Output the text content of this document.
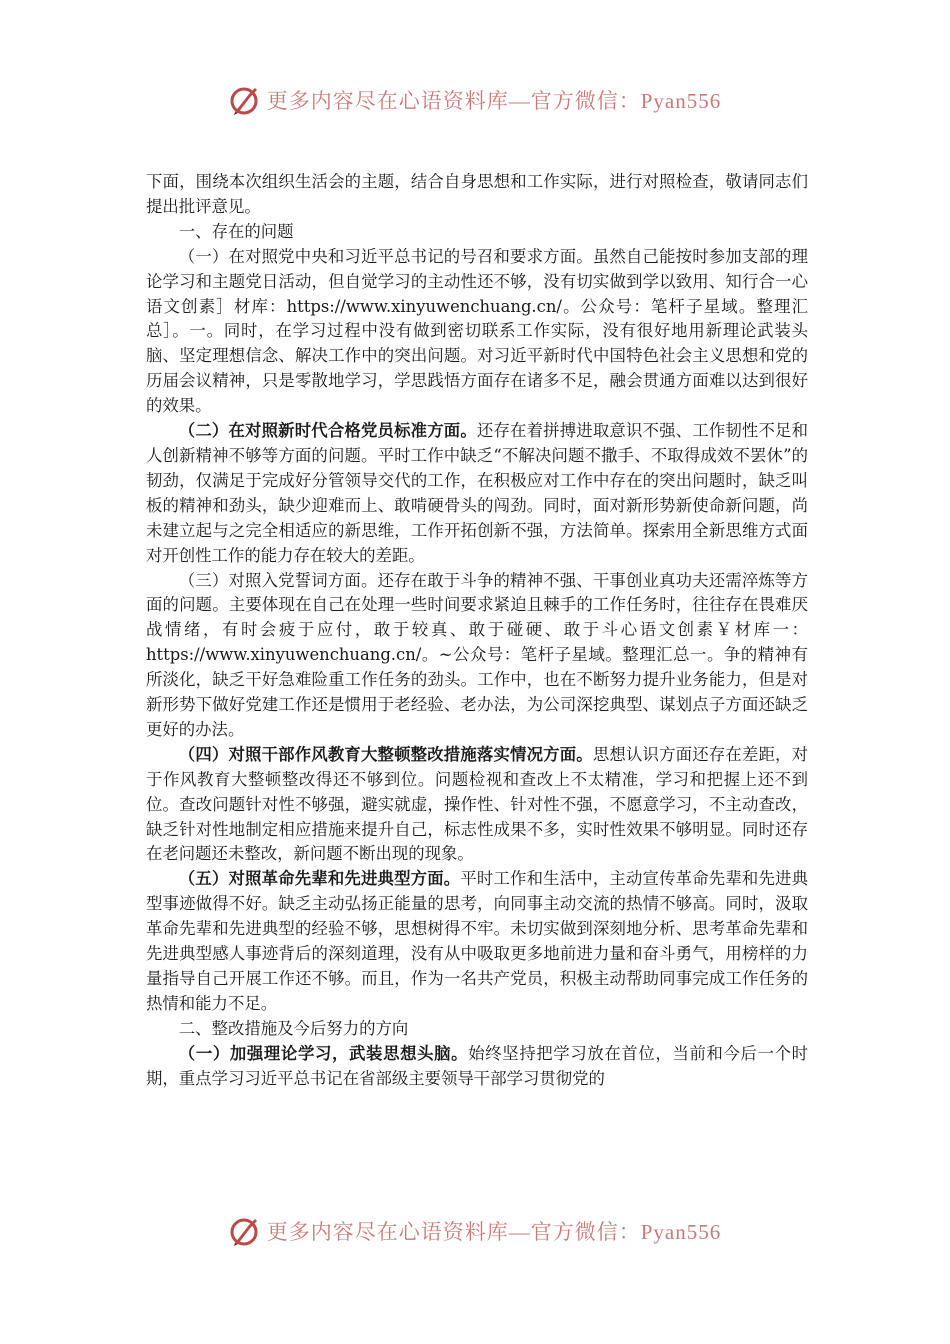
更多内容尽在心语资料库—官方微信：Pyan556

下面，围绕本次组织生活会的主题，结合自身思想和工作实际，进行对照检查，敬请同志们提出批评意见。

一、存在的问题

（一）在对照党中央和习近平总书记的号召和要求方面。虽然自己能按时参加支部的理论学习和主题党日活动，但自觉学习的主动性还不够，没有切实做到学以致用、知行合一心语文创素］材库：https://www.xinyuwenchuang.cn/。公众号：笔杆子星域。整理汇总］。一。同时，在学习过程中没有做到密切联系工作实际，没有很好地用新理论武装头脑、坚定理想信念、解决工作中的突出问题。对习近平新时代中国特色社会主义思想和党的历届会议精神，只是零散地学习，学思践悟方面存在诸多不足，融会贯通方面难以达到很好的效果。

（二）在对照新时代合格党员标准方面。还存在着拼搏进取意识不强、工作韧性不足和人创新精神不够等方面的问题。平时工作中缺乏“不解决问题不撒手、不取得成效不罢休”的韧劲，仅满足于完成好分管领导交代的工作，在积极应对工作中存在的突出问题时，缺乏叫板的精神和劲头，缺少迎难而上、敢啃硬骨头的闯劲。同时，面对新形势新使命新问题，尚未建立起与之完全相适应的新思维，工作开拓创新不强，方法简单。探索用全新思维方式面对开创性工作的能力存在较大的差距。

（三）对照入党誓词方面。还存在敢于斗争的精神不强、干事创业真功夫还需淬炼等方面的问题。主要体现在自己在处理一些时间要求紧迫且棘手的工作任务时，往往存在畏难厌战情绪，有时会疲于应付，敢于较真、敢于碰硬、敢于斗心语文创素￥材库一：https://www.xinyuwenchuang.cn/。~公众号：笔杆子星域。整理汇总一。争的精神有所淡化，缺乏干好急难险重工作任务的劲头。工作中，也在不断努力提升业务能力，但是对新形势下做好党建工作还是惯用于老经验、老办法，为公司深挖典型、谋划点子方面还缺乏更好的办法。

（四）对照干部作风教育大整顿整改措施落实情况方面。思想认识方面还存在差距，对于作风教育大整顿整改得还不够到位。问题检视和查改上不太精准，学习和把握上还不到位。查改问题针对性不够强，避实就虚，操作性、针对性不强，不愿意学习，不主动查改，缺乏针对性地制定相应措施来提升自己，标志性成果不多，实时性效果不够明显。同时还存在老问题还未整改，新问题不断出现的现象。

（五）对照革命先辈和先进典型方面。平时工作和生活中，主动宣传革命先辈和先进典型事迹做得不好。缺乏主动弘扬正能量的思考，向同事主动交流的热情不够高。同时，汲取革命先辈和先进典型的经验不够，思想树得不牢。未切实做到深刻地分析、思考革命先辈和先进典型感人事迹背后的深刻道理，没有从中吸取更多地前进力量和奋斗勇气，用榜样的力量指导自己开展工作还不够。而且，作为一名共产党员，积极主动帮助同事完成工作任务的热情和能力不足。

二、整改措施及今后努力的方向

（一）加强理论学习，武装思想头脑。始终坚持把学习放在首位，当前和今后一个时期，重点学习习近平总书记在省部级主要领导干部学习贯彻党的

更多内容尽在心语资料库—官方微信：Pyan556
